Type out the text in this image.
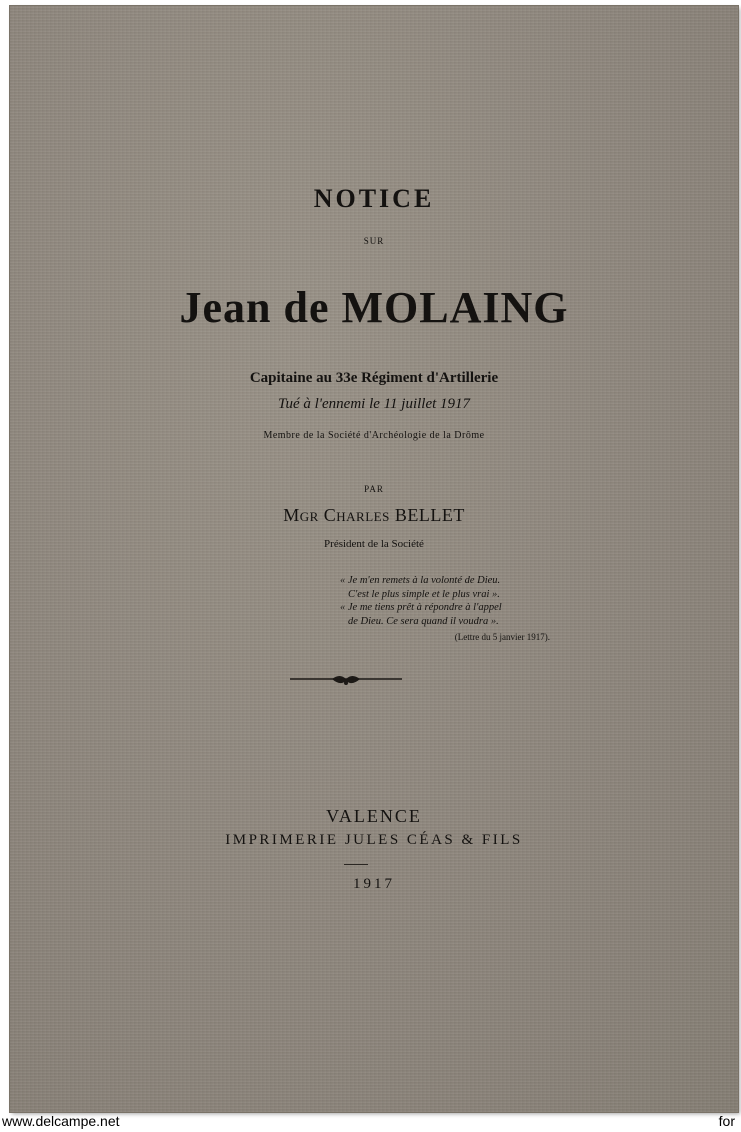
NOTICE
SUR
Jean de MOLAING
Capitaine au 33e Régiment d'Artillerie
Tué à l'ennemi le 11 juillet 1917
Membre de la Société d'Archéologie de la Drôme
PAR
Mgr Charles BELLET
Président de la Société
« Je m'en remets à la volonté de Dieu.
C'est le plus simple et le plus vrai ».
« Je me tiens prêt à répondre à l'appel
de Dieu. Ce sera quand il voudra ».
(Lettre du 5 janvier 1917).
VALENCE
IMPRIMERIE JULES CÉAS & FILS
1917
www.delcampe.net	for
